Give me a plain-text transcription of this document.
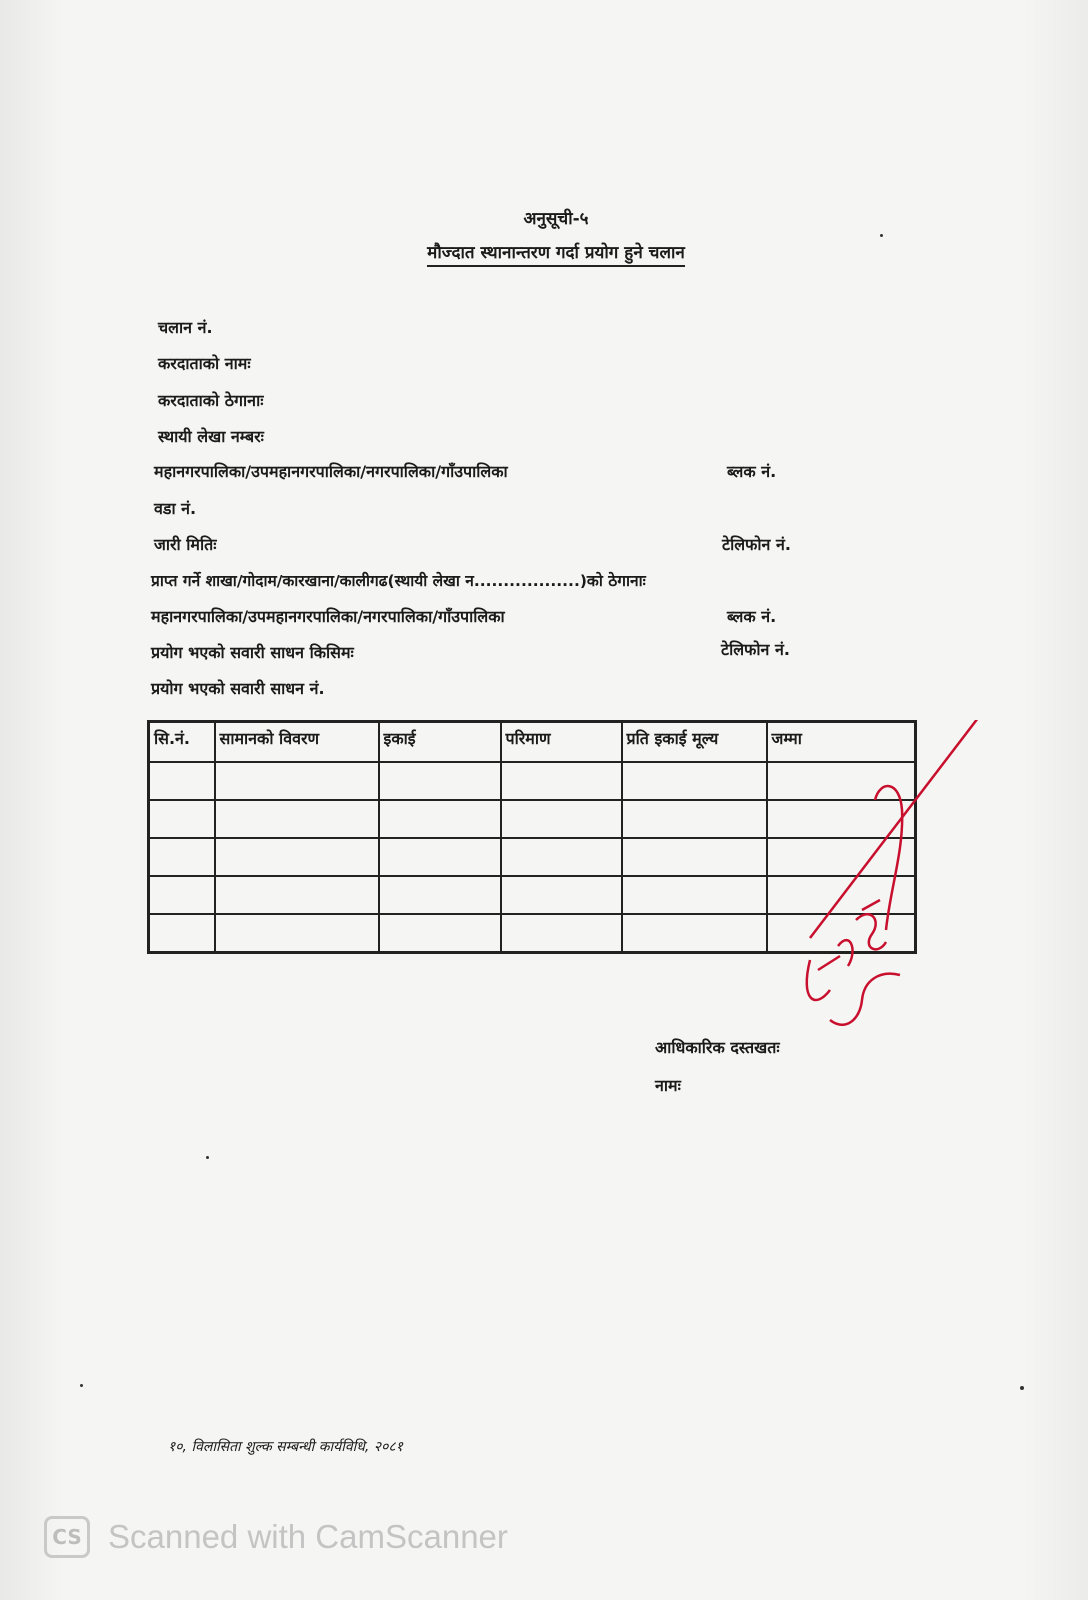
अनुसूची-५
मौज्दात स्थानान्तरण गर्दा प्रयोग हुने चलान
चलान नं.
करदाताको नामः
करदाताको ठेगानाः
स्थायी लेखा नम्बरः
महानगरपालिका/उपमहानगरपालिका/नगरपालिका/गाँउपालिका	ब्लक नं.
वडा नं.
जारी मितिः	टेलिफोन नं.
प्राप्त गर्ने शाखा/गोदाम/कारखाना/कालीगढ(स्थायी लेखा न..................)को ठेगानाः
महानगरपालिका/उपमहानगरपालिका/नगरपालिका/गाँउपालिका	ब्लक नं.
प्रयोग भएको सवारी साधन किसिमः	टेलिफोन नं.
प्रयोग भएको सवारी साधन नं.
सि.नं.	सामानको विवरण	इकाई	परिमाण	प्रति इकाई मूल्य	जम्मा

आधिकारिक दस्तखतः
नामः
१०, विलासिता शुल्क सम्बन्धी कार्यविधि, २०८१
CS Scanned with CamScanner
